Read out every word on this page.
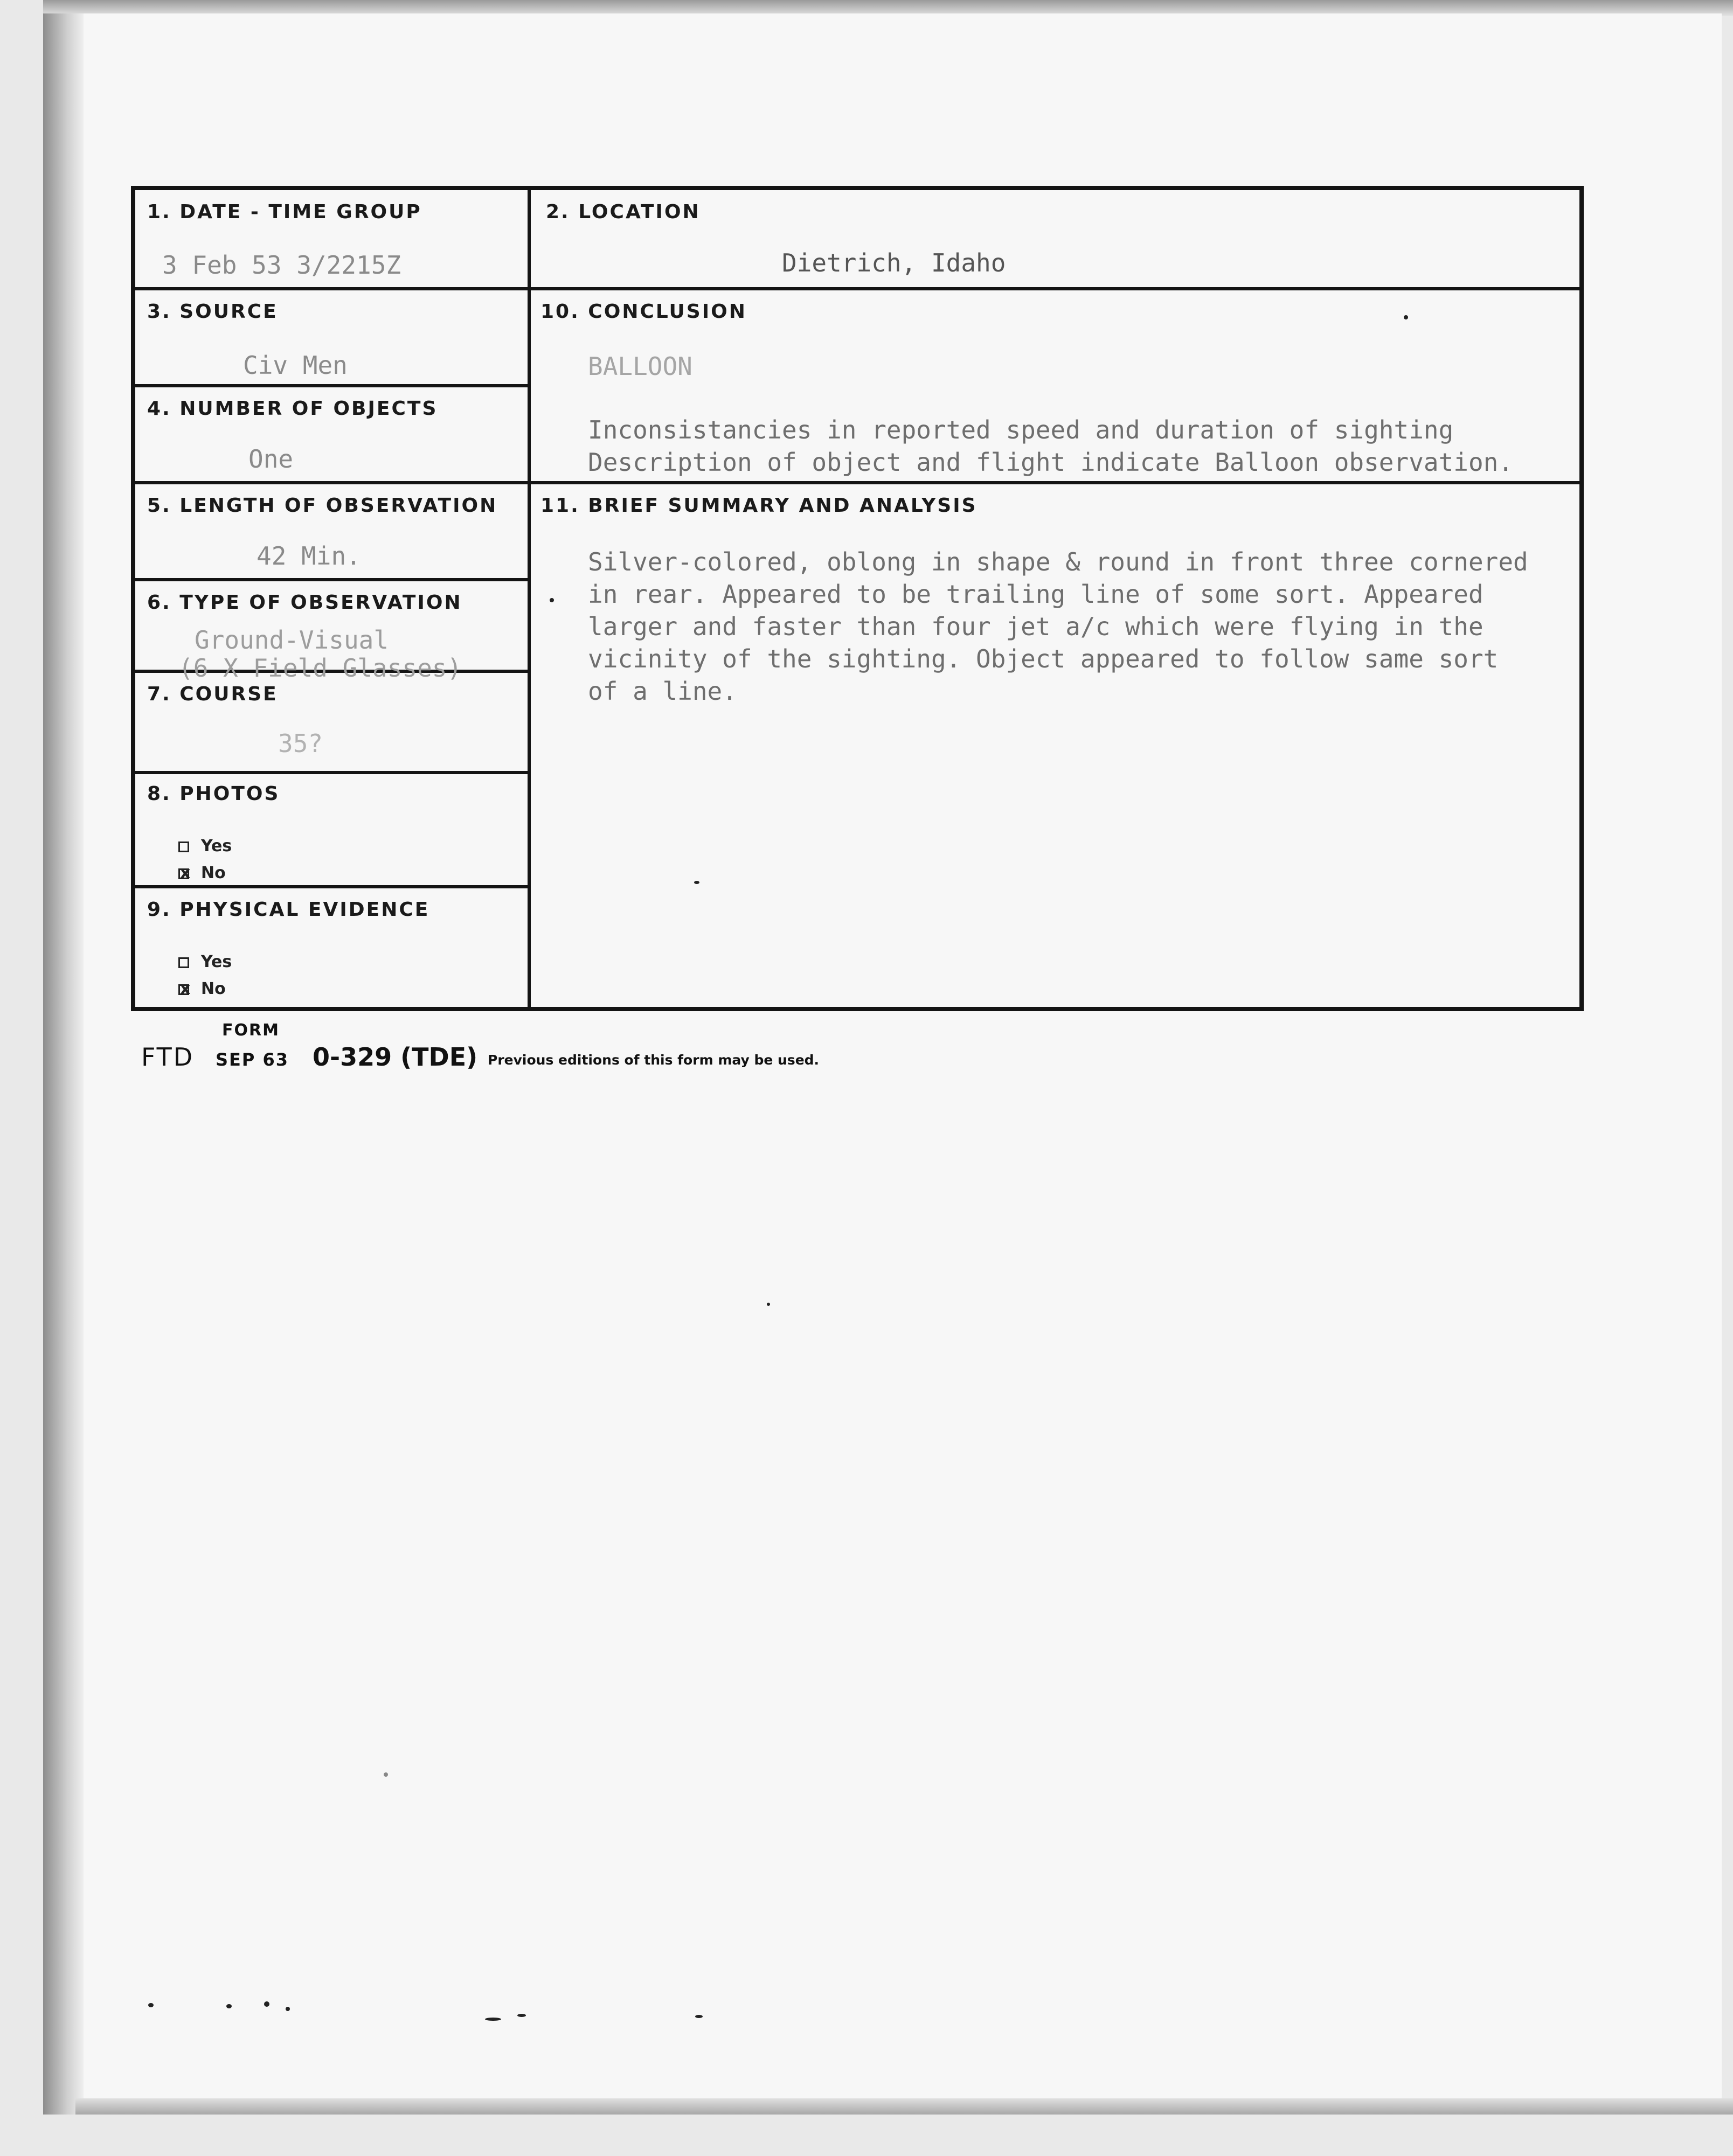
1. DATE - TIME GROUP
3 Feb 53 3/2215Z
2. LOCATION
Dietrich, Idaho
3. SOURCE
Civ Men
10. CONCLUSION
BALLOON
Inconsistancies in reported speed and duration of sighting
Description of object and flight indicate Balloon observation.
4. NUMBER OF OBJECTS
One
5. LENGTH OF OBSERVATION
42 Min.
11. BRIEF SUMMARY AND ANALYSIS
Silver-colored, oblong in shape & round in front three cornered
in rear. Appeared to be trailing line of some sort. Appeared
larger and faster than four jet a/c which were flying in the
vicinity of the sighting. Object appeared to follow same sort
of a line.
6. TYPE OF OBSERVATION
Ground-Visual
(6 X Field Glasses)
7. COURSE
35?
8. PHOTOS
Yes
xNo
9. PHYSICAL EVIDENCE
Yes
xNo
FORM
FTD SEP 63 0-329 (TDE) Previous editions of this form may be used.
